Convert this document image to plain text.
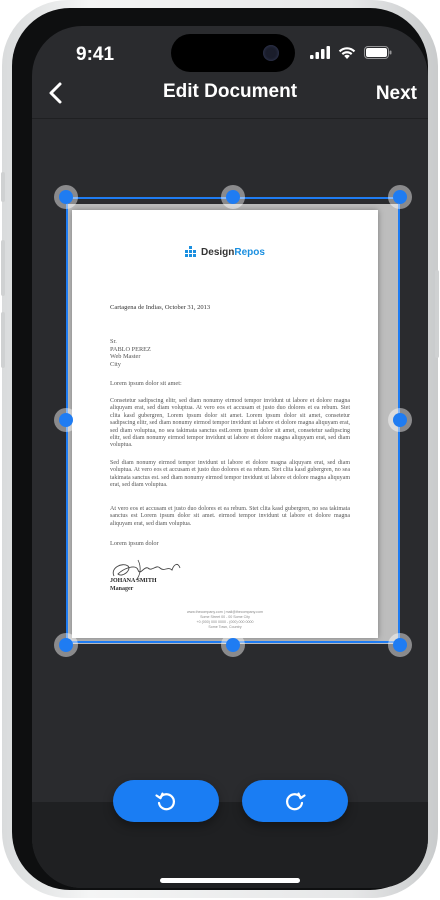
9:41
Edit Document	Next
DesignRepos
Cartagena de Indias, October 31, 2013
Sr.
PABLO PEREZ
Web Master
City
Lorem ipsum dolor sit amet:
Consetetur sadipscing elitr, sed diam nonumy eirmod tempor invidunt ut labore et dolore magna aliquyam erat, sed diam voluptua. At vero eos et accusam et justo duo dolores et ea rebum. Stet clita kasd gubergren, Lorem ipsum dolor sit amet. Lorem ipsum dolor sit amet, consetetur sadipscing elitr, sed diam nonumy eirmod tempor invidunt ut labore et dolore magna aliquyam erat, sed diam voluptua, no sea takimata sanctus estLorem ipsum dolor sit amet, consetetur sadipscing elitr, sed diam nonumy eirmod tempor invidunt ut labore et dolore magna aliquyam erat, sed diam voluptua.
Sed diam nonumy eirmod tempor invidunt ut labore et dolore magna aliquyam erat, sed diam voluptua. At vero eos et accusam et justo duo dolores et ea rebum. Stet clita kasd gubergren, no sea takimata sanctus est. sed diam nonumy eirmod tempor invidunt ut labore et dolore magna aliquyam erat, sed diam voluptua.
At vero eos et accusam et justo duo dolores et ea rebum. Stet clita kasd gubergren, no sea takimata sanctus est Lorem ipsum dolor sit amet. eirmod tempor invidunt ut labore et dolore magna aliquyam erat, sed diam voluptua.
Lorem ipsum dolor
JOHANA SMITH
Manager
www.thecompany.com | mail@thecompany.com
Some Street 00 - 00 Some City
+0 (000) 000 0000 - (000) 000 0000
Some Town, Country
